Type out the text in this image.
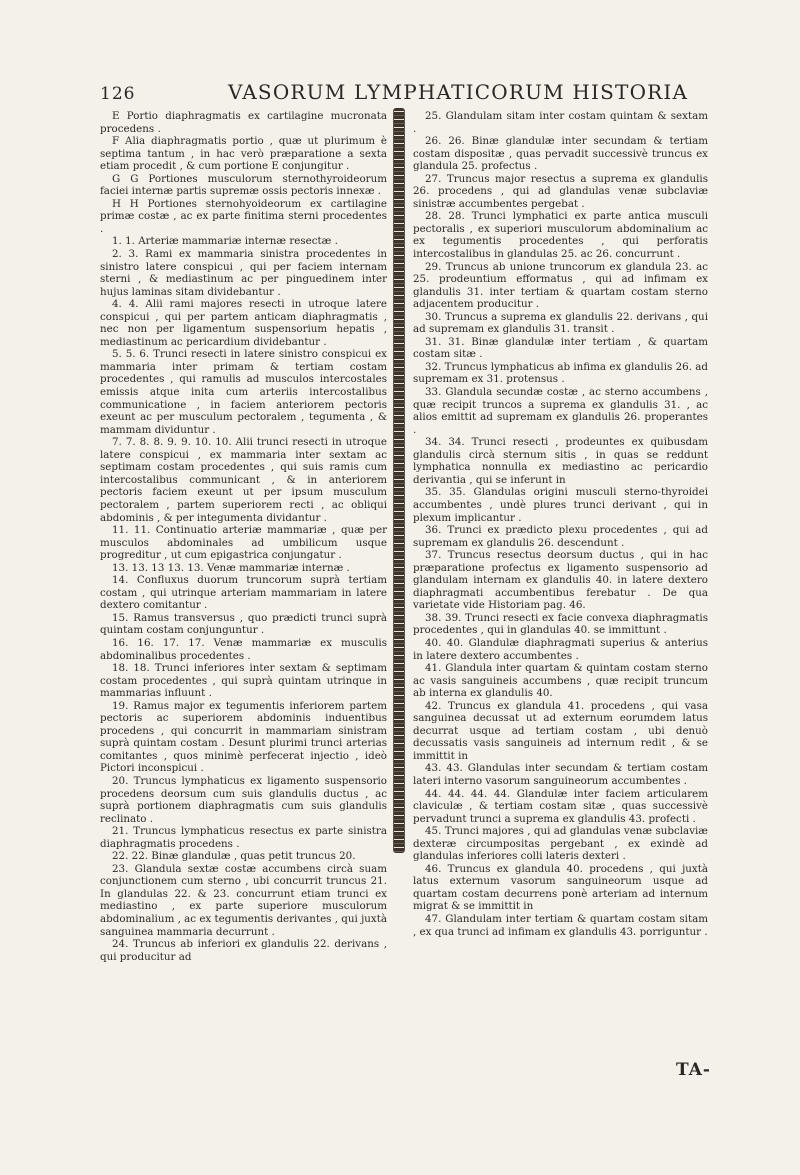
126	VASORUM LYMPHATICORUM HISTORIA

E Portio diaphragmatis ex cartilagine mucronata procedens .

F Alia diaphragmatis portio , quæ ut plurimum è septima tantum , in hac verò præparatione a sexta etiam procedit , & cum portione E conjungitur .

G G Portiones musculorum sternothyroideorum faciei internæ partis supremæ ossis pectoris innexæ .

H H Portiones sternohyoideorum ex cartilagine primæ costæ , ac ex parte finitima sterni procedentes .

1. 1. Arteriæ mammariæ internæ resectæ .

2. 3. Rami ex mammaria sinistra procedentes in sinistro latere conspicui , qui per faciem internam sterni , & mediastinum ac per pinguedinem inter hujus laminas sitam dividebantur .

4. 4. Alii rami majores resecti in utroque latere conspicui , qui per partem anticam diaphragmatis , nec non per ligamentum suspensorium hepatis , mediastinum ac pericardium dividebantur .

5. 5. 6. Trunci resecti in latere sinistro conspicui ex mammaria inter primam & tertiam costam procedentes , qui ramulis ad musculos intercostales emissis atque inita cum arteriis intercostalibus communicatione , in faciem anteriorem pectoris exeunt ac per musculum pectoralem , tegumenta , & mammam dividuntur .

7. 7. 8. 8. 9. 9. 10. 10. Alii trunci resecti in utroque latere conspicui , ex mammaria inter sextam ac septimam costam procedentes , qui suis ramis cum intercostalibus communicant , & in anteriorem pectoris faciem exeunt ut per ipsum musculum pectoralem , partem superiorem recti , ac obliqui abdominis , & per integumenta dividantur .

11. 11. Continuatio arteriæ mammariæ , quæ per musculos abdominales ad umbilicum usque progreditur , ut cum epigastrica conjungatur .

13. 13. 13 13. 13. Venæ mammariæ internæ .

14. Confluxus duorum truncorum suprà tertiam costam , qui utrinque arteriam mammariam in latere dextero comitantur .

15. Ramus transversus , quo prædicti trunci suprà quintam costam conjunguntur .

16. 16. 17. 17. Venæ mammariæ ex musculis abdominalibus procedentes .

18. 18. Trunci inferiores inter sextam & septimam costam procedentes , qui suprà quintam utrinque in mammarias influunt .

19. Ramus major ex tegumentis inferiorem partem pectoris ac superiorem abdominis induentibus procedens , qui concurrit in mammariam sinistram suprà quintam costam . Desunt plurimi trunci arterias comitantes , quos minimè perfecerat injectio , ideò Pictori inconspicui .

20. Truncus lymphaticus ex ligamento suspensorio procedens deorsum cum suis glandulis ductus , ac suprà portionem diaphragmatis cum suis glandulis reclinato .

21. Truncus lymphaticus resectus ex parte sinistra diaphragmatis procedens .

22. 22. Binæ glandulæ , quas petit truncus 20.

23. Glandula sextæ costæ accumbens circà suam conjunctionem cum sterno , ubi concurrit truncus 21. In glandulas 22. & 23. concurrunt etiam trunci ex mediastino , ex parte superiore musculorum abdominalium , ac ex tegumentis derivantes , qui juxtà sanguinea mammaria decurrunt .

24. Truncus ab inferiori ex glandulis 22. derivans , qui producitur ad

25. Glandulam sitam inter costam quintam & sextam .

26. 26. Binæ glandulæ inter secundam & tertiam costam dispositæ , quas pervadit successivè truncus ex glandula 25. profectus .

27. Truncus major resectus a suprema ex glandulis 26. procedens , qui ad glandulas venæ subclaviæ sinistræ accumbentes pergebat .

28. 28. Trunci lymphatici ex parte antica musculi pectoralis , ex superiori musculorum abdominalium ac ex tegumentis procedentes , qui perforatis intercostalibus in glandulas 25. ac 26. concurrunt .

29. Truncus ab unione truncorum ex glandula 23. ac 25. prodeuntium efformatus , qui ad infimam ex glandulis 31. inter tertiam & quartam costam sterno adjacentem producitur .

30. Truncus a suprema ex glandulis 22. derivans , qui ad supremam ex glandulis 31. transit .

31. 31. Binæ glandulæ inter tertiam , & quartam costam sitæ .

32. Truncus lymphaticus ab infima ex glandulis 26. ad supremam ex 31. protensus .

33. Glandula secundæ costæ , ac sterno accumbens , quæ recipit truncos a suprema ex glandulis 31. , ac alios emittit ad supremam ex glandulis 26. properantes .

34. 34. Trunci resecti , prodeuntes ex quibusdam glandulis circà sternum sitis , in quas se reddunt lymphatica nonnulla ex mediastino ac pericardio derivantia , qui se inferunt in

35. 35. Glandulas origini musculi sterno-thyroidei accumbentes , undè plures trunci derivant , qui in plexum implicantur .

36. Trunci ex prædicto plexu procedentes , qui ad supremam ex glandulis 26. descendunt .

37. Truncus resectus deorsum ductus , qui in hac præparatione profectus ex ligamento suspensorio ad glandulam internam ex glandulis 40. in latere dextero diaphragmati accumbentibus ferebatur . De qua varietate vide Historiam pag. 46.

38. 39. Trunci resecti ex facie convexa diaphragmatis procedentes , qui in glandulas 40. se immittunt .

40. 40. Glandulæ diaphragmati superius & anterius in latere dextero accumbentes .

41. Glandula inter quartam & quintam costam sterno ac vasis sanguineis accumbens , quæ recipit truncum ab interna ex glandulis 40.

42. Truncus ex glandula 41. procedens , qui vasa sanguinea decussat ut ad externum eorumdem latus decurrat usque ad tertiam costam , ubi denuò decussatis vasis sanguineis ad internum redit , & se immittit in

43. 43. Glandulas inter secundam & tertiam costam lateri interno vasorum sanguineorum accumbentes .

44. 44. 44. 44. Glandulæ inter faciem articularem claviculæ , & tertiam costam sitæ , quas successivè pervadunt trunci a suprema ex glandulis 43. profecti .

45. Trunci majores , qui ad glandulas venæ subclaviæ dexteræ circumpositas pergebant , ex exindè ad glandulas inferiores colli lateris dexteri .

46. Truncus ex glandula 40. procedens , qui juxtà latus externum vasorum sanguineorum usque ad quartam costam decurrens ponè arteriam ad internum migrat & se immittit in

47. Glandulam inter tertiam & quartam costam sitam , ex qua trunci ad infimam ex glandulis 43. porriguntur .

TA-
